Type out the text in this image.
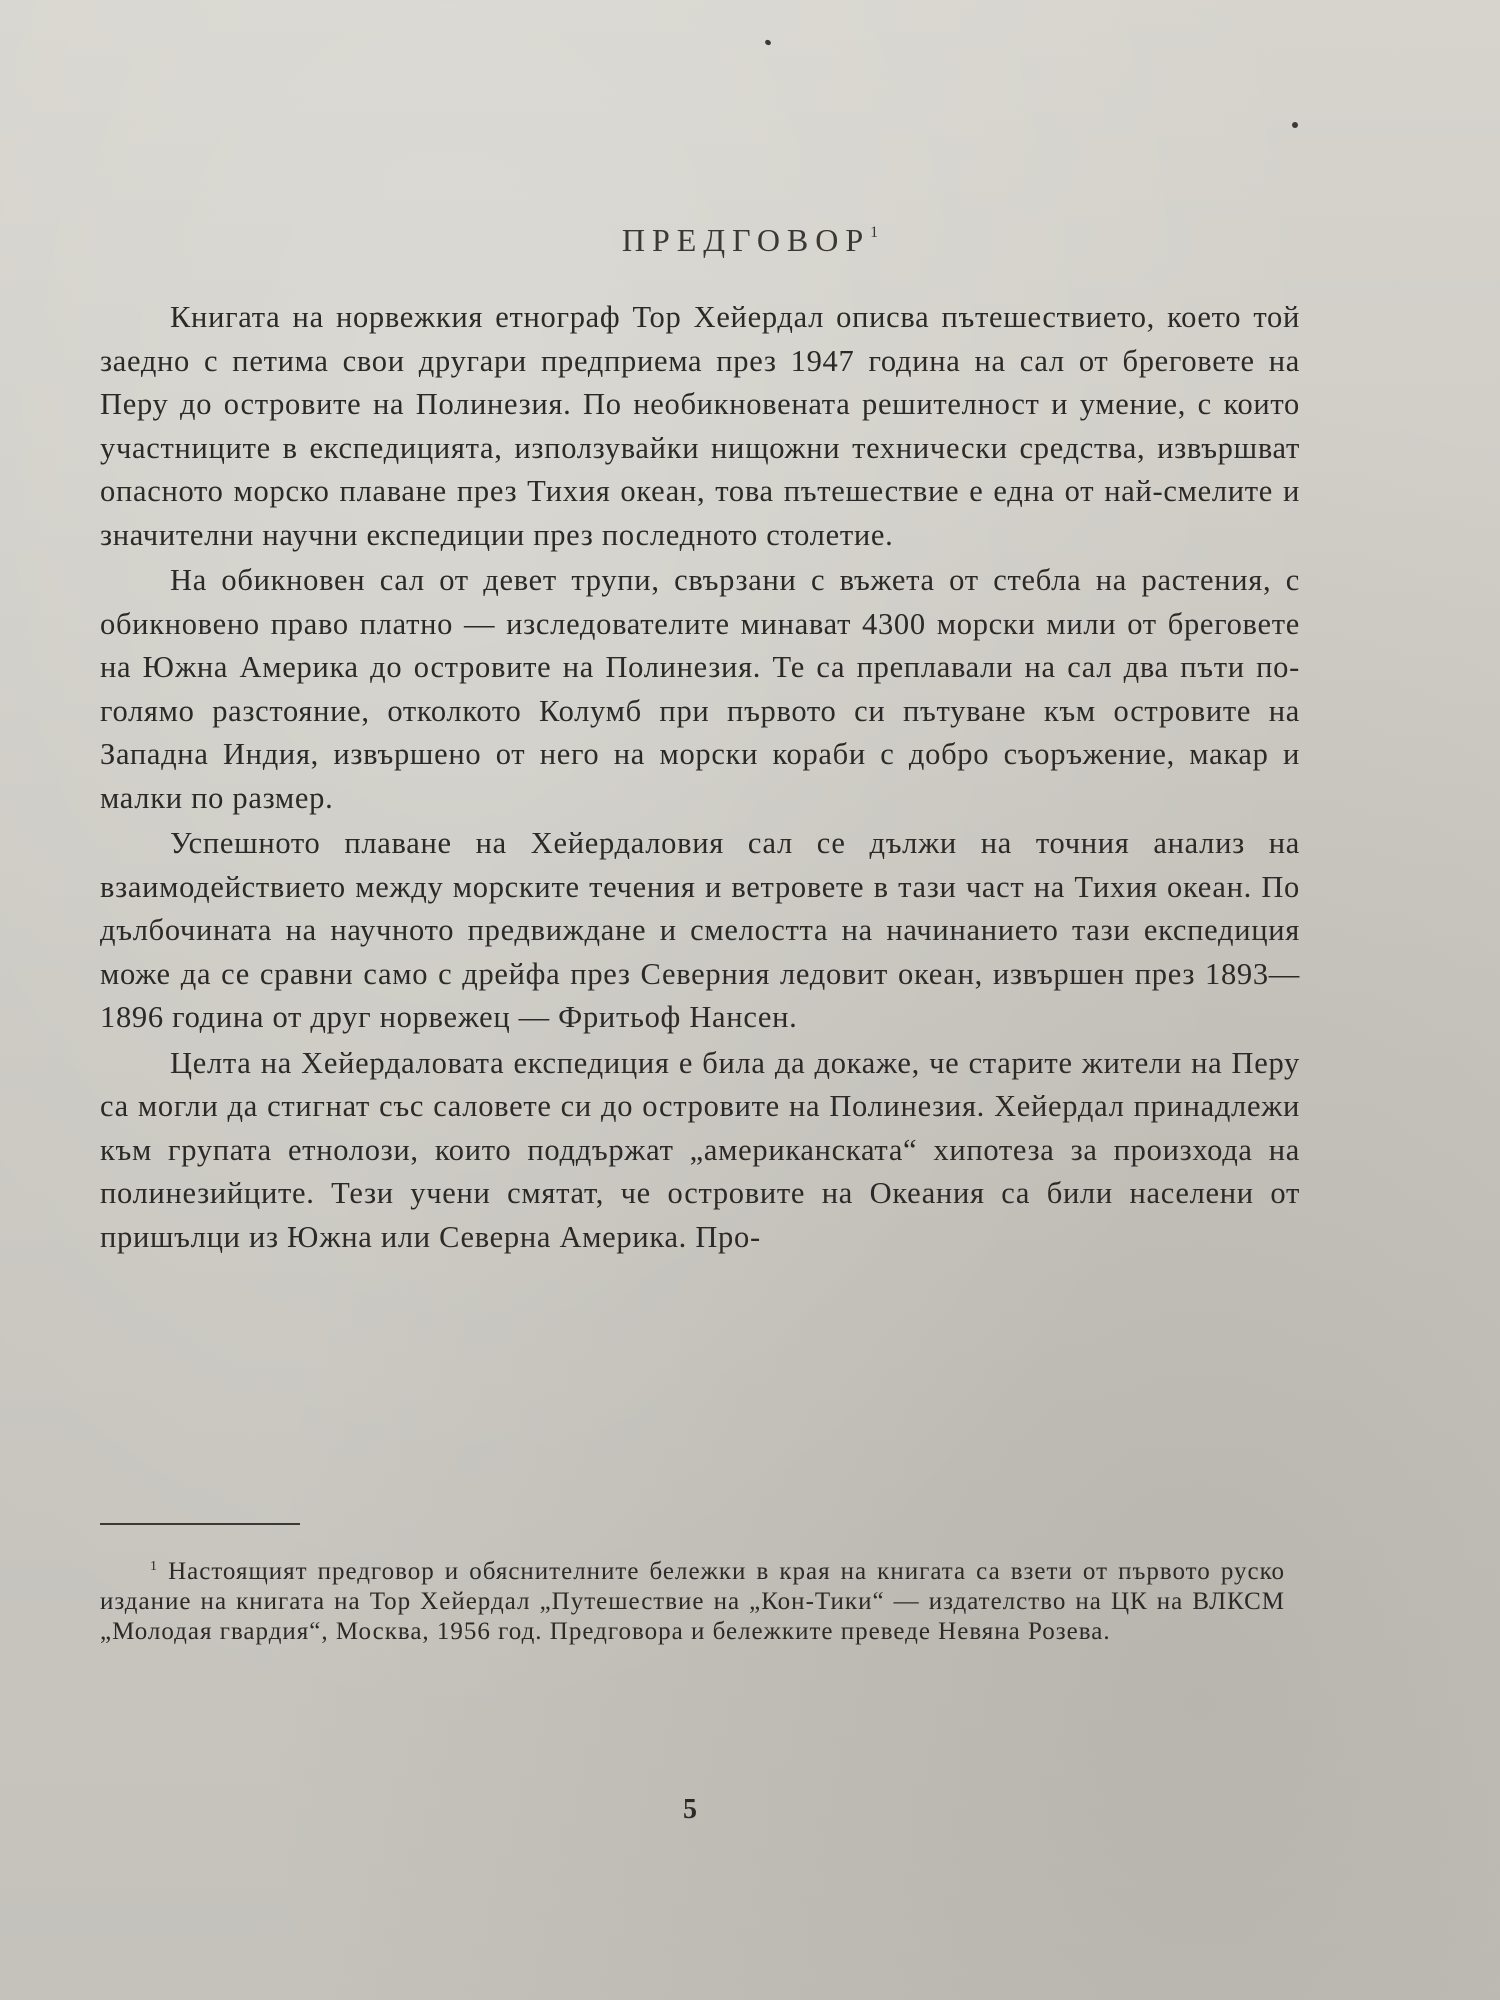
ПРЕДГОВОР$^1$

Книгата на норвежкия етнограф Тор Хейердал описва пътешествието, което той заедно с петима свои другари предприема през 1947 година на сал от бреговете на Перу до островите на Полинезия. По необикновената решителност и умение, с които участниците в експедицията, използувайки нищожни технически средства, извършват опасното морско плаване през Тихия океан, това пътешествие е една от най-смелите и значителни научни експедиции през последното столетие.

На обикновен сал от девет трупи, свързани с въжета от стебла на растения, с обикновено право платно — изследователите минават 4300 морски мили от бреговете на Южна Америка до островите на Полинезия. Те са преплавали на сал два пъти по-голямо разстояние, отколкото Колумб при първото си пътуване към островите на Западна Индия, извършено от него на морски кораби с добро съоръжение, макар и малки по размер.

Успешното плаване на Хейердаловия сал се дължи на точния анализ на взаимодействието между морските течения и ветровете в тази част на Тихия океан. По дълбочината на научното предвиждане и смелостта на начинанието тази експедиция може да се сравни само с дрейфа през Северния ледовит океан, извършен през 1893—1896 година от друг норвежец — Фритьоф Нансен.

Целта на Хейердаловата експедиция е била да докаже, че старите жители на Перу са могли да стигнат със саловете си до островите на Полинезия. Хейердал принадлежи към групата етнолози, които поддържат „американската“ хипотеза за произхода на полинезийците. Тези учени смятат, че островите на Океания са били населени от пришълци из Южна или Северна Америка. Про-

$^1$ Настоящият предговор и обяснителните бележки в края на книгата са взети от първото руско издание на книгата на Тор Хейердал „Путешествие на „Кон-Тики“ — издателство на ЦК на ВЛКСМ „Молодая гвардия“, Москва, 1956 год. Предговора и бележките преведе Невяна Розева.

5
